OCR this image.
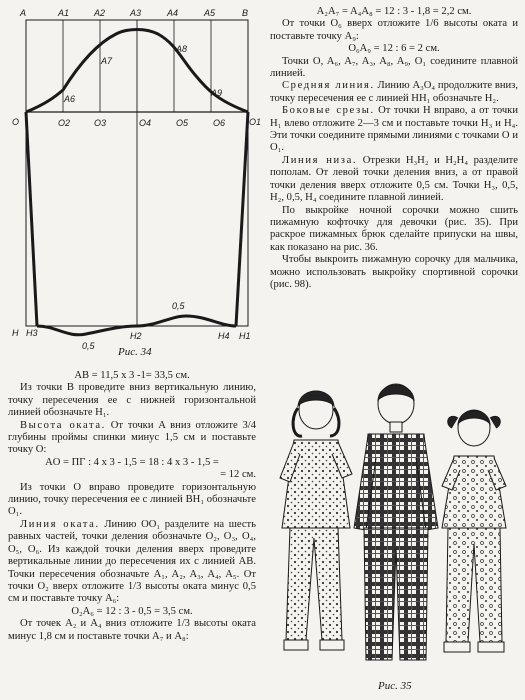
A	A1	A2	A3	A4	A5	B
A6
A7
A8
A9
O	O2	O3	O4	O5	O6	O1
0,5
H H3
0,5
H2	H4 H1
Рис. 34

A₂A₇ = A₄A₈ = 12 : 3 - 1,8 = 2,2 см.

От точки O₆ вверх отложите 1/6 высоты оката и поставьте точку A₉:

O₆A₉ = 12 : 6 = 2 см.

Точки O, A₆, A₇, A₃, A₈, A₉, O₁ соедините плавной линией.

Средняя линия. Линию A₃O₄ продолжите вниз, точку пересечения ее с линией HH₁ обозначьте H₂.

Боковые срезы. От точки H вправо, а от точки H₁ влево отложите 2—3 см и поставьте точки H₃ и H₄. Эти точки соедините прямыми линиями с точками O и O₁.

Линия низа. Отрезки H₃H₂ и H₂H₄ разделите пополам. От левой точки деления вниз, а от правой точки деления вверх отложите 0,5 см. Точки H₃, 0,5, H₂, 0,5, H₄ соедините плавной линией.

По выкройке ночной сорочки можно сшить пижамную кофточку для девочки (рис. 35). При раскрое пижамных брюк сделайте припуски на швы, как показано на рис. 36.

Чтобы выкроить пижамную сорочку для мальчика, можно использовать выкройку спортивной сорочки (рис. 98).

AB = 11,5 x 3 -1= 33,5 см.

Из точки B проведите вниз вертикальную линию, точку пересечения ее с нижней горизонтальной линией обозначьте H₁.

Высота оката. От точки A вниз отложите 3/4 глубины проймы спинки минус 1,5 см и поставьте точку O:

AO = ПГ : 4 x 3 - 1,5 = 18 : 4 x 3 - 1,5 =

= 12 см.

Из точки O вправо проведите горизонтальную линию, точку пересечения ее с линией BH₁ обозначьте O₁.

Линия оката. Линию OO₁ разделите на шесть равных частей, точки деления обозначьте O₂, O₃, O₄, O₅, O₆. Из каждой точки деления вверх проведите вертикальные линии до пересечения их с линией AB. Точки пересечения обозначьте A₁, A₂, A₃, A₄, A₅. От точки O₂ вверх отложите 1/3 высоты оката минус 0,5 см и поставьте точку A₆:

O₂A₆ = 12 : 3 - 0,5 = 3,5 см.

От точек A₂ и A₄ вниз отложите 1/3 высоты оката минус 1,8 см и поставьте точки A₇ и A₈:

Рис. 35
